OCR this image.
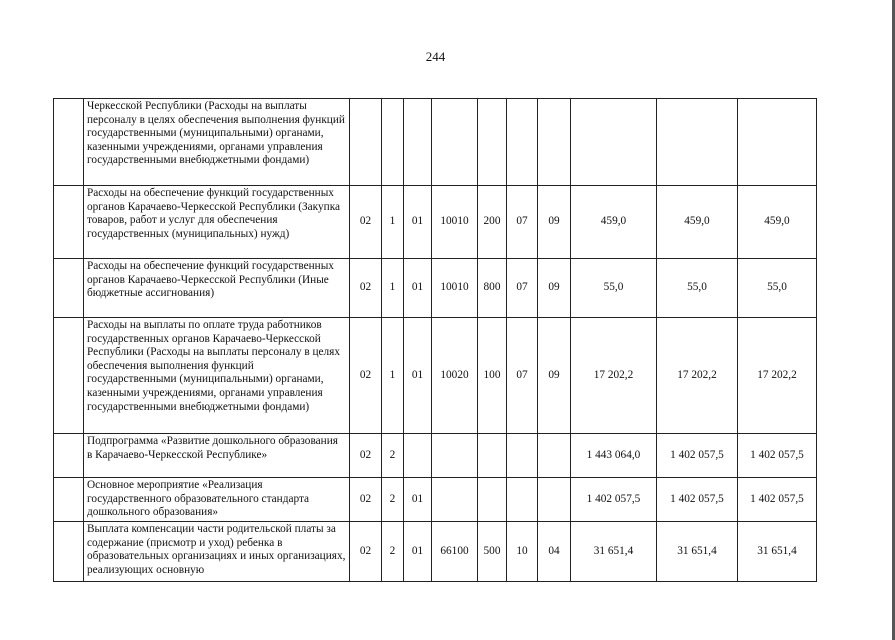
244
	Черкесской Республики (Расходы на выплаты персоналу в целях обеспечения выполнения функций государственными (муниципальными) органами, казенными учреждениями, органами управления государственными внебюджетными фондами)										
	Расходы на обеспечение функций государственных органов Карачаево-Черкесской Республики (Закупка товаров, работ и услуг для обеспечения государственных (муниципальных) нужд)	02	1	01	10010	200	07	09	459,0	459,0	459,0
	Расходы на обеспечение функций государственных органов Карачаево-Черкесской Республики (Иные бюджетные ассигнования)	02	1	01	10010	800	07	09	55,0	55,0	55,0
	Расходы на выплаты по оплате труда работников государственных органов Карачаево-Черкесской Республики (Расходы на выплаты персоналу в целях обеспечения выполнения функций государственными (муниципальными) органами, казенными учреждениями, органами управления государственными внебюджетными фондами)	02	1	01	10020	100	07	09	17 202,2	17 202,2	17 202,2
	Подпрограмма «Развитие дошкольного образования в Карачаево-Черкесской Республике»	02	2						1 443 064,0	1 402 057,5	1 402 057,5
	Основное мероприятие «Реализация государственного образовательного стандарта дошкольного образования»	02	2	01					1 402 057,5	1 402 057,5	1 402 057,5
	Выплата компенсации части родительской платы за содержание (присмотр и уход) ребенка в образовательных организациях и иных организациях, реализующих основную	02	2	01	66100	500	10	04	31 651,4	31 651,4	31 651,4
